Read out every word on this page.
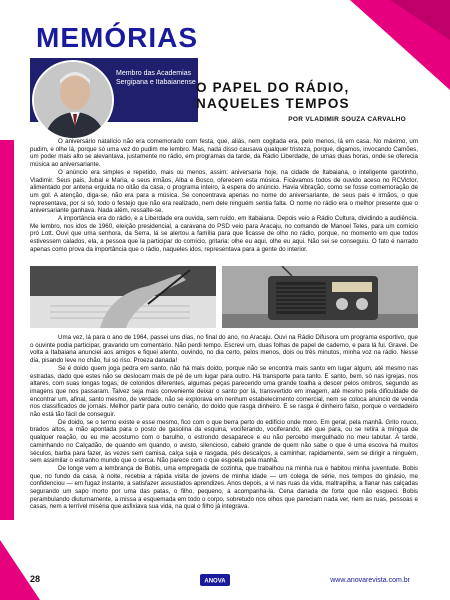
MEMÓRIAS
Membro das Academias Sergipana e Itabaianense O PAPEL DO RÁDIO, NAQUELES TEMPOS
POR VLADIMIR SOUZA CARVALHO

O aniversário natalício não era comemorado com festa, que, aliás, nem cogitada era, pelo menos, lá em casa. No máximo, um pudim, e olhe lá, porque só uma vez do pudim me lembro. Mas, nada disso causava qualquer tristeza, porque, digamos, invocando Camões, um poder mais alto se alevantava, justamente no rádio, em programas da tarde, da Rádio Liberdade, de umas duas horas, onde se oferecia música ao aniversariante.

O anúncio era simples e repetido, mais ou menos, assim: aniversaria hoje, na cidade de Itabaiana, o inteligente garotinho, Vladimir. Seus pais, Jubal e Maria, e seus irmãos, Alba e Bosco, oferecem esta música. Ficávamos todos de ouvido aceso no RCVictor, alimentado por antena erguida no oitão da casa, o programa inteiro, à espera do anúncio. Havia vibração, como se fosse comemoração de um gol. A atenção, diga-se, não era para a música. Se concentrava apenas no nome do aniversariante, de seus pais e irmãos, o que representava, por si só, todo o festejo que não era realizado, nem dele ninguém sentia falta. O nome no rádio era o melhor presente que o aniversariante ganhava. Nada além, ressalte-se.

A importância era do rádio, e a Liberdade era ouvida, sem ruído, em Itabaiana. Depois veio a Rádio Cultura, dividindo a audiência. Me lembro, nos idos de 1960, eleição presidencial, a caravana do PSD veio para Aracaju, no comando de Manoel Teles, para um comício pró Lott. Ouvi que uma senhora, da Serra, lá se alertou a família para que ficasse de olho no rádio, porque, no momento em que todos estivessem calados, ela, a pessoa que la participar do comício, gritaria: olhe eu aqui, olhe eu aqui. Não sei se conseguiu. O fato é narrado apenas como prova da importância que o rádio, naqueles idos, representava para a gente do interior.

Uma vez, lá para o ano de 1964, passei uns dias, no final do ano, no Aracaju. Ouvi na Rádio Difusora um programa esportivo, que o ouvinte podia participar, gravando um comentário. Não perdi tempo. Escrevi um, duas folhas de papel de caderno, e para lá fui. Gravei. De volta a Itabaiana anunciei aos amigos e fiquei atento, ouvindo, no dia certo, pelos menos, dois ou três minutos, minha voz na rádio. Nesse dia, pisando leve no chão, fui só riso. Proeza danada!

Se é doido quem joga pedra em santo, não há mais doido, porque não se encontra mais santo em lugar algum, até mesmo nas estradas, dado que estes não se deslocam mais de pé de um lugar para outro. Há transporte para tanto. E santo, bem, só nas igrejas, nos altares, com suas longas togas, de coloridos diferentes, algumas peças parecendo uma grande toalha a descer pelos ombros, segundo as imagens que nos passaram. Talvez seja mais conveniente deixar o santo por lá, transvertido em imagem, até mesmo pela dificuldade de encontrar um, afinal, santo mesmo, de verdade, não se explorava em nenhum estabelecimento comercial, nem se coloca anúncio de venda nos classificados de jornais. Melhor partir para outro cenário, do doido que rasga dinheiro. E se rasga é dinheiro falso, porque o verdadeiro não está tão fácil de conseguir.

De doido, se o termo existe e esse mesmo, fico com o que berra perto do edifício onde moro. Em geral, pela manhã. Grito rouco, brados altos, a mão apontada para o posto de gasolina da esquina, vociferando, vociferando, até que para, ou se retira a míngua de qualquer reação, ou eu me acostumo com o barulho, o estrondo desaparece e eu não percebo mergulhado no meu labutar. À tarde, caminhando no Calçadão, de quando em quando, o avisto, silencioso, cabelo grande de quem não sabe o que é uma escova há muitos séculos, barba para fazer, às vezes sem camisa, calça suja e rasgada, pés descalços, a caminhar, rapidamente, sem se dirigir a ninguém, sem assimilar o estranho mundo que o cerca. Não parece com o que esgoela pela manhã.

De longe vem a lembrança de Bobis, uma empregada de cozinha, que trabalhou na minha rua e habitou minha juventude. Bobis que, no fundo da casa, à noite, recebia a rápida visita de jovens de minha idade — um colega de série, nos tempos do ginásio, me confidenciou — em fugaz instante, a satisfazer assustados aprendizes. Anos depois, a vi nas ruas da vida, maltrapilha, a flanar nas calçadas segurando um sapo morto por uma das patas, o filho, pequeno, a acompanha-la. Cena danada de forte que não esqueci. Bobis perambulando diuturnamente, a missa a esquemada em todo o corpo, sobretudo nos olhos que pareciam nada ver, riem as ruas, pessoas e casas, nem a terrível miséria que asfixiava sua vida, na qual o filho já integrava.

28	ANOVA	www.anovarevista.com.br
